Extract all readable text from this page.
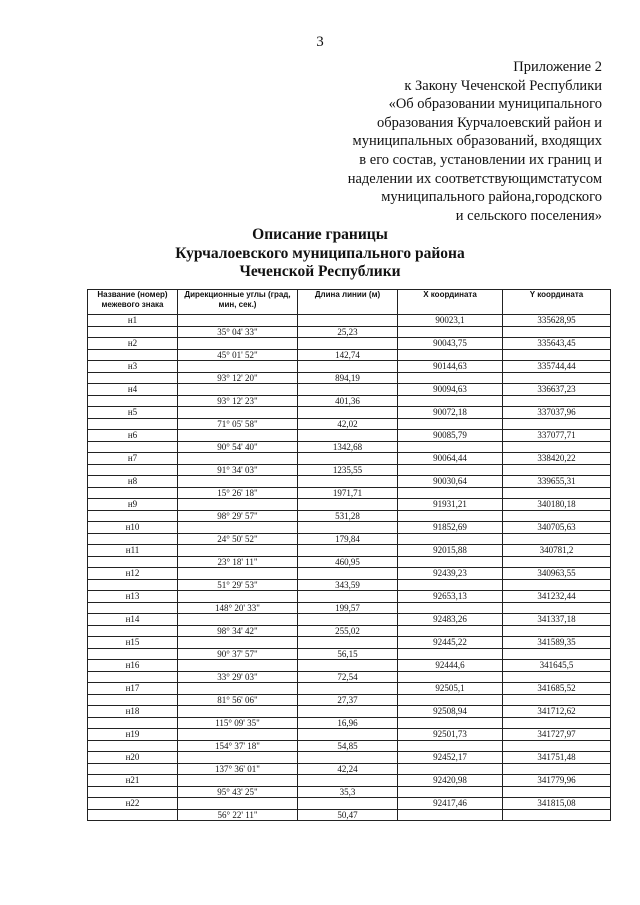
3
Приложение 2
к Закону Чеченской Республики
«Об образовании муниципального
образования Курчалоевский район и
муниципальных образований, входящих
в его состав, установлении их границ и
наделении их соответствующимстатусом
муниципального района,городского
и сельского поселения»
Описание границы
Курчалоевского муниципального района
Чеченской Республики
Название (номер) межевого знака	Дирекционные углы (град, мин, сек.)	Длина линии (м)	X координата	Y координата
н1			90023,1	335628,95
	35° 04' 33"	25,23		
н2			90043,75	335643,45
	45° 01' 52"	142,74		
н3			90144,63	335744,44
	93° 12' 20"	894,19		
н4			90094,63	336637,23
	93° 12' 23"	401,36		
н5			90072,18	337037,96
	71° 05' 58"	42,02		
н6			90085,79	337077,71
	90° 54' 40"	1342,68		
н7			90064,44	338420,22
	91° 34' 03"	1235,55		
н8			90030,64	339655,31
	15° 26' 18"	1971,71		
н9			91931,21	340180,18
	98° 29' 57"	531,28		
н10			91852,69	340705,63
	24° 50' 52"	179,84		
н11			92015,88	340781,2
	23° 18' 11"	460,95		
н12			92439,23	340963,55
	51° 29' 53"	343,59		
н13			92653,13	341232,44
	148° 20' 33"	199,57		
н14			92483,26	341337,18
	98° 34' 42"	255,02		
н15			92445,22	341589,35
	90° 37' 57"	56,15		
н16			92444,6	341645,5
	33° 29' 03"	72,54		
н17			92505,1	341685,52
	81° 56' 06"	27,37		
н18			92508,94	341712,62
	115° 09' 35"	16,96		
н19			92501,73	341727,97
	154° 37' 18"	54,85		
н20			92452,17	341751,48
	137° 36' 01"	42,24		
н21			92420,98	341779,96
	95° 43' 25"	35,3		
н22			92417,46	341815,08
	56° 22' 11"	50,47		
